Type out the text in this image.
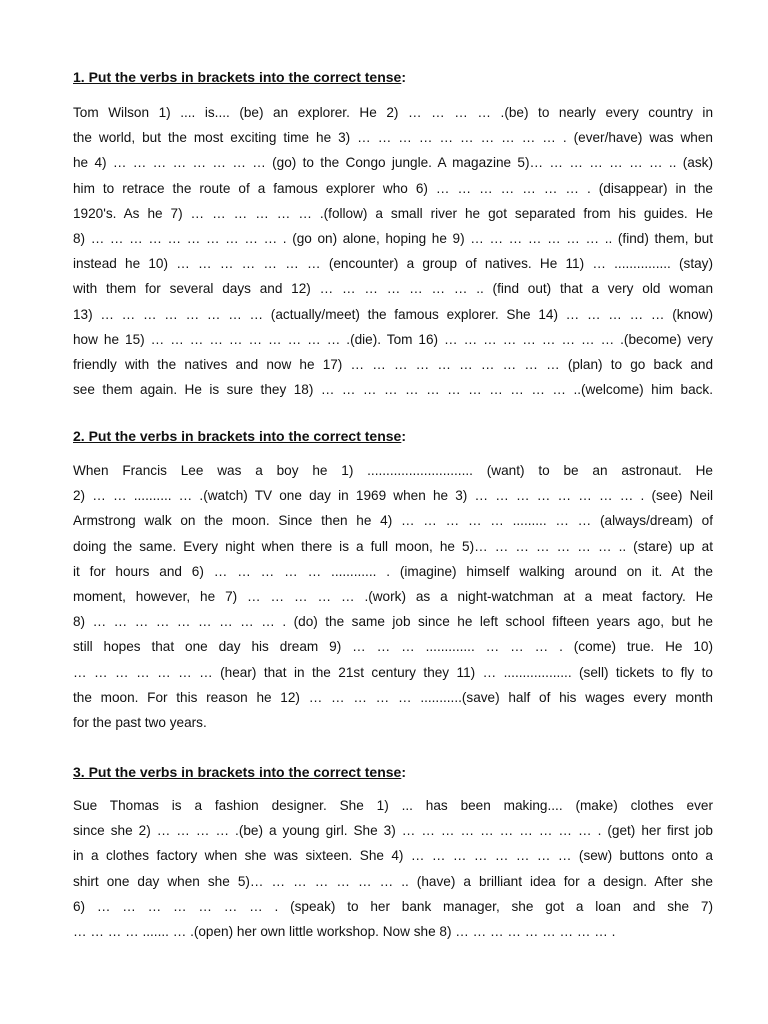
1. Put the verbs in brackets into the correct tense:

Tom Wilson 1) .... is.... (be) an explorer. He 2) … … … … .(be) to nearly every country in
the world, but the most exciting time he 3) … … … … … … … … … … . (ever/have) was when
he 4) … … … … … … … … (go) to the Congo jungle. A magazine 5)… … … … … … … .. (ask)
him to retrace the route of a famous explorer who 6) … … … … … … … . (disappear) in the
1920's. As he 7) … … … … … … .(follow) a small river he got separated from his guides. He
8) … … … … … … … … … … . (go on) alone, hoping he 9) … … … … … … … .. (find) them, but
instead he 10) … … … … … … … (encounter) a group of natives. He 11) … ............... (stay)
with them for several days and 12) … … … … … … … .. (find out) that a very old woman
13) … … … … … … … … (actually/meet) the famous explorer. She 14) … … … … … (know)
how he 15) … … … … … … … … … … .(die). Tom 16) … … … … … … … … … .(become) very
friendly with the natives and now he 17) … … … … … … … … … … (plan) to go back and
see them again. He is sure they 18) … … … … … … … … … … … … ..(welcome) him back.

2. Put the verbs in brackets into the correct tense:

When Francis Lee was a boy he 1) ............................ (want) to be an astronaut. He
2) … … .......... … .(watch) TV one day in 1969 when he 3) … … … … … … … … . (see) Neil
Armstrong walk on the moon. Since then he 4) … … … … … ......... … … (always/dream) of
doing the same. Every night when there is a full moon, he 5)… … … … … … … .. (stare) up at
it for hours and 6) … … … … … ............ . (imagine) himself walking around on it. At the
moment, however, he 7) … … … … … .(work) as a night-watchman at a meat factory. He
8) … … … … … … … … … . (do) the same job since he left school fifteen years ago, but he
still hopes that one day his dream 9) … … … ............. … … … . (come) true. He 10)
… … … … … … … (hear) that in the 21st century they 11) … .................. (sell) tickets to fly to
the moon. For this reason he 12) … … … … … ...........(save) half of his wages every month
for the past two years.

3. Put the verbs in brackets into the correct tense:

Sue Thomas is a fashion designer. She 1) ... has been making.... (make) clothes ever
since she 2) … … … … .(be) a young girl. She 3) … … … … … … … … … … . (get) her first job
in a clothes factory when she was sixteen. She 4) … … … … … … … … (sew) buttons onto a
shirt one day when she 5)… … … … … … … .. (have) a brilliant idea for a design. After she
6) … … … … … … … . (speak) to her bank manager, she got a loan and she 7)
… … … … ....... … .(open) her own little workshop. Now she 8) … … … … … … … … … .
